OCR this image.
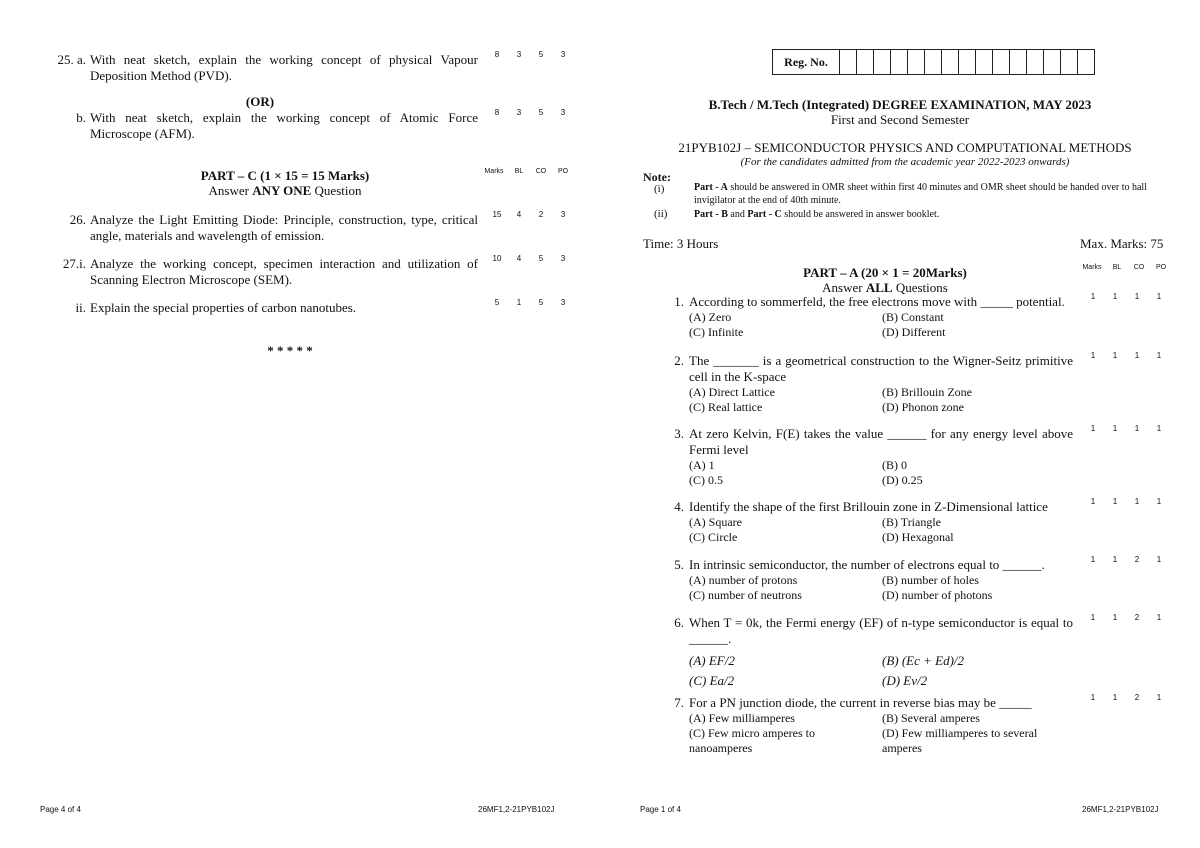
25. a. With neat sketch, explain the working concept of physical Vapour Deposition Method (PVD).
8 3 5 3
(OR)
b. With neat sketch, explain the working concept of Atomic Force Microscope (AFM).
8 3 5 3
PART – C (1 × 15 = 15 Marks)
Answer ANY ONE Question
Marks BL CO PO
26. Analyze the Light Emitting Diode: Principle, construction, type, critical angle, materials and wavelength of emission.
15 4 2 3
27.i. Analyze the working concept, specimen interaction and utilization of Scanning Electron Microscope (SEM).
10 4 5 3
ii. Explain the special properties of carbon nanotubes.	5 1 5 3
* * * * *
Page 4 of 4	26MF1,2-21PYB102J
Reg. No.
B.Tech / M.Tech (Integrated) DEGREE EXAMINATION, MAY 2023
First and Second Semester
21PYB102J – SEMICONDUCTOR PHYSICS AND COMPUTATIONAL METHODS
(For the candidates admitted from the academic year 2022-2023 onwards)
Note:
(i)	Part - A should be answered in OMR sheet within first 40 minutes and OMR sheet should be handed over to hall invigilator at the end of 40th minute.
(ii)	Part - B and Part - C should be answered in answer booklet.
Time: 3 Hours	Max. Marks: 75
PART – A (20 × 1 = 20Marks)
Answer ALL Questions
Marks BL CO PO
1. According to sommerfeld, the free electrons move with _____ potential.
(A) Zero	(B) Constant
(C) Infinite	(D) Different
1 1 1 1
2. The _______ is a geometrical construction to the Wigner-Seitz primitive cell in the K-space
(A) Direct Lattice	(B) Brillouin Zone
(C) Real lattice	(D) Phonon zone
1 1 1 1
3. At zero Kelvin, F(E) takes the value ______ for any energy level above Fermi level
(A) 1	(B) 0
(C) 0.5	(D) 0.25
1 1 1 1
4. Identify the shape of the first Brillouin zone in Z-Dimensional lattice
(A) Square	(B) Triangle
(C) Circle	(D) Hexagonal
1 1 1 1
5. In intrinsic semiconductor, the number of electrons equal to ______.
(A) number of protons	(B) number of holes
(C) number of neutrons	(D) number of photons
1 1 2 1
6. When T = 0k, the Fermi energy (EF) of n-type semiconductor is equal to ______.
(A) EF/2	(B) (Ec + Ed)/2
(C) Ea/2	(D) Ev/2
1 1 2 1
7. For a PN junction diode, the current in reverse bias may be _____
(A) Few milliamperes	(B) Several amperes
(C) Few micro amperes to nanoamperes
(D) Few milliamperes to several amperes
1 1 2 1
Page 1 of 4	26MF1,2-21PYB102J
